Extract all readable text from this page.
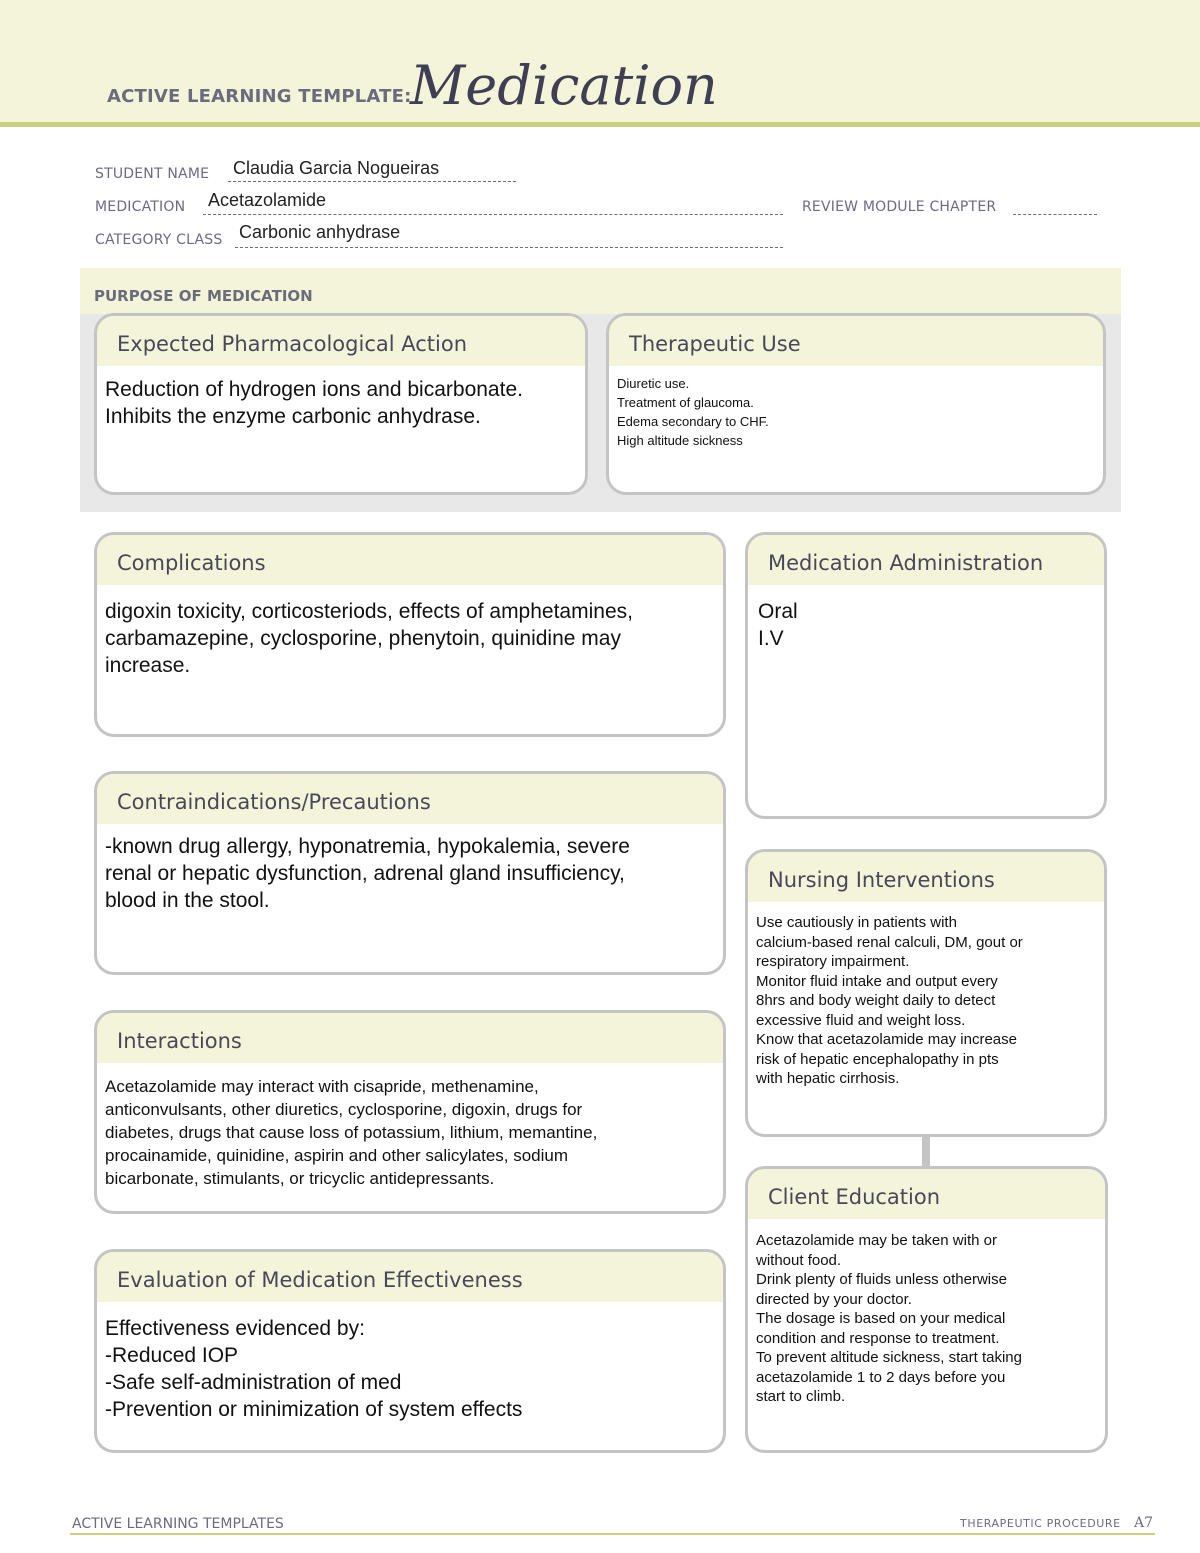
ACTIVE LEARNING TEMPLATE:
Medication
STUDENT NAME Claudia Garcia Nogueiras
MEDICATION Acetazolamide	REVIEW MODULE CHAPTER
CATEGORY CLASS Carbonic anhydrase
PURPOSE OF MEDICATION
Expected Pharmacological Action
Reduction of hydrogen ions and bicarbonate.
Inhibits the enzyme carbonic anhydrase.
Therapeutic Use
Diuretic use.
Treatment of glaucoma.
Edema secondary to CHF.
High altitude sickness
Complications
digoxin toxicity, corticosteriods, effects of amphetamines,
carbamazepine, cyclosporine, phenytoin, quinidine may
increase.
Contraindications/Precautions
-known drug allergy, hyponatremia, hypokalemia, severe
renal or hepatic dysfunction, adrenal gland insufficiency,
blood in the stool.
Interactions
Acetazolamide may interact with cisapride, methenamine,
anticonvulsants, other diuretics, cyclosporine, digoxin, drugs for
diabetes, drugs that cause loss of potassium, lithium, memantine,
procainamide, quinidine, aspirin and other salicylates, sodium
bicarbonate, stimulants, or tricyclic antidepressants.
Evaluation of Medication Effectiveness
Effectiveness evidenced by:
-Reduced IOP
-Safe self-administration of med
-Prevention or minimization of system effects
Medication Administration
Oral
I.V
Nursing Interventions
Use cautiously in patients with
calcium-based renal calculi, DM, gout or
respiratory impairment.
Monitor fluid intake and output every
8hrs and body weight daily to detect
excessive fluid and weight loss.
Know that acetazolamide may increase
risk of hepatic encephalopathy in pts
with hepatic cirrhosis.
Client Education
Acetazolamide may be taken with or
without food.
Drink plenty of fluids unless otherwise
directed by your doctor.
The dosage is based on your medical
condition and response to treatment.
To prevent altitude sickness, start taking
acetazolamide 1 to 2 days before you
start to climb.
ACTIVE LEARNING TEMPLATES	THERAPEUTIC PROCEDURE A7
